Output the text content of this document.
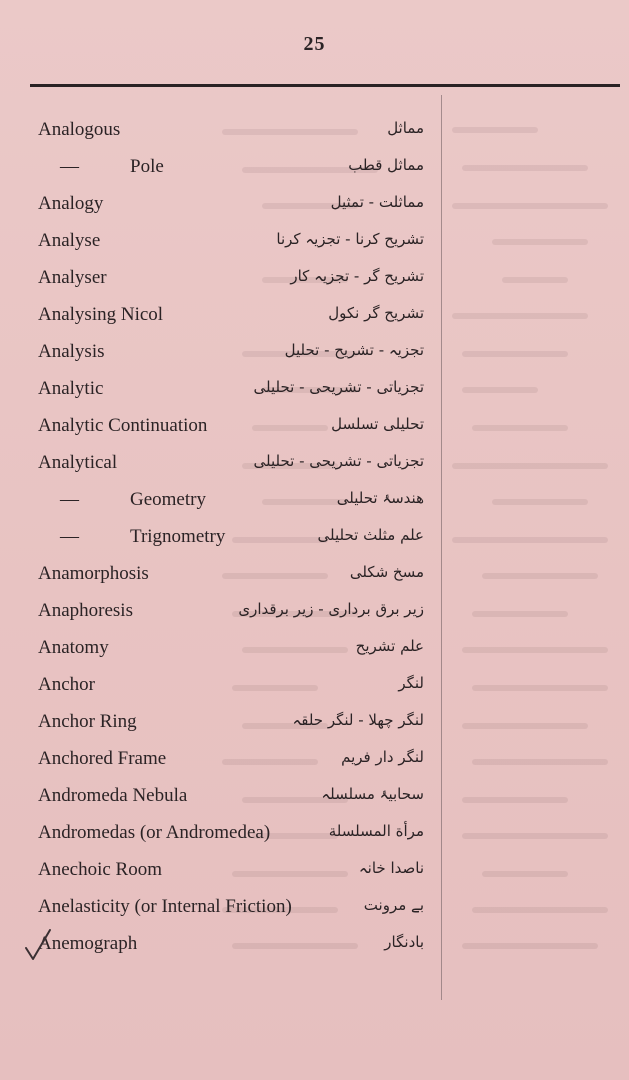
25
Analogous	مماثل
—	Pole	مماثل قطب
Analogy	مماثلت - تمثیل
Analyse	تشریح کرنا - تجزیہ کرنا
Analyser	تشریح گر - تجزیہ کار
Analysing Nicol	تشریح گر نکول
Analysis	تجزیہ - تشریح - تحلیل
Analytic	تجزیاتی - تشریحی - تحلیلی
Analytic Continuation	تحلیلی تسلسل
Analytical	تجزیاتی - تشریحی - تحلیلی
—	Geometry	ھندسۂ تحلیلی
—	Trignometry	علم مثلث تحلیلی
Anamorphosis	مسخ شکلی
Anaphoresis	زیر برق برداری - زیر برقداری
Anatomy	علم تشریح
Anchor	لنگر
Anchor Ring	لنگر چھلا - لنگر حلقہ
Anchored Frame	لنگر دار فریم
Andromeda Nebula	سحابیۂ مسلسلہ
Andromedas (or Andromedea)	مرأة المسلسلة
Anechoic Room	ناصدا خانہ
Anelasticity (or Internal Friction)	بے مرونت
Anemograph	بادنگار
